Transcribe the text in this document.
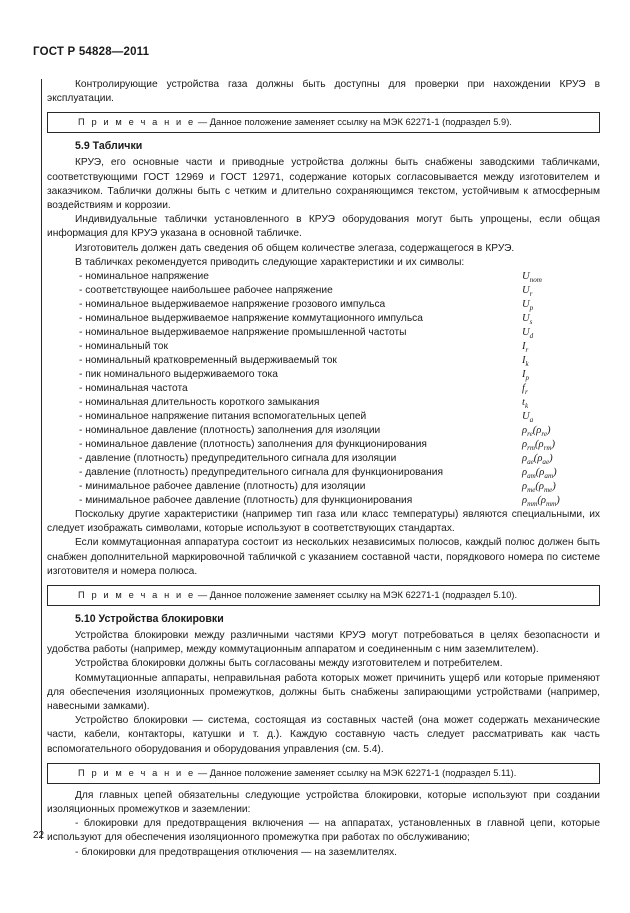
ГОСТ Р 54828—2011

Контролирующие устройства газа должны быть доступны для проверки при нахождении КРУЭ в эксплуатации.

П р и м е ч а н и е — Данное положение заменяет ссылку на МЭК 62271-1 (подраздел 5.9).

5.9 Таблички

КРУЭ, его основные части и приводные устройства должны быть снабжены заводскими табличками, соответствующими ГОСТ 12969 и ГОСТ 12971, содержание которых согласовывается между изготовителем и заказчиком. Таблички должны быть с четким и длительно сохраняющимся текстом, устойчивым к атмосферным воздействиям и коррозии.

Индивидуальные таблички установленного в КРУЭ оборудования могут быть упрощены, если общая информация для КРУЭ указана в основной табличке.

Изготовитель должен дать сведения об общем количестве элегаза, содержащегося в КРУЭ.

В табличках рекомендуется приводить следующие характеристики и их символы:

- номинальное напряжение	$U_{nom}$
- соответствующее наибольшее рабочее напряжение	$U_r$
- номинальное выдерживаемое напряжение грозового импульса	$U_p$
- номинальное выдерживаемое напряжение коммутационного импульса	$U_s$
- номинальное выдерживаемое напряжение промышленной частоты	$U_d$
- номинальный ток	$I_r$
- номинальный кратковременный выдерживаемый ток	$I_k$
- пик номинального выдерживаемого тока	$I_p$
- номинальная частота	$f_r$
- номинальная длительность короткого замыкания	$t_k$
- номинальное напряжение питания вспомогательных цепей	$U_a$
- номинальное давление (плотность) заполнения для изоляции	$\rho_{re}(\rho_{re})$
- номинальное давление (плотность) заполнения для функционирования	$\rho_{rm}(\rho_{rm})$
- давление (плотность) предупредительного сигнала для изоляции	$\rho_{ae}(\rho_{ae})$
- давление (плотность) предупредительного сигнала для функционирования	$\rho_{am}(\rho_{am})$
- минимальное рабочее давление (плотность) для изоляции	$\rho_{me}(\rho_{me})$
- минимальное рабочее давление (плотность) для функционирования	$\rho_{mm}(\rho_{mm})$

Поскольку другие характеристики (например тип газа или класс температуры) являются специальными, их следует изображать символами, которые используют в соответствующих стандартах.

Если коммутационная аппаратура состоит из нескольких независимых полюсов, каждый полюс должен быть снабжен дополнительной маркировочной табличкой с указанием составной части, порядкового номера по системе изготовителя и номера полюса.

П р и м е ч а н и е — Данное положение заменяет ссылку на МЭК 62271-1 (подраздел 5.10).

5.10 Устройства блокировки

Устройства блокировки между различными частями КРУЭ могут потребоваться в целях безопасности и удобства работы (например, между коммутационным аппаратом и соединенным с ним заземлителем).

Устройства блокировки должны быть согласованы между изготовителем и потребителем.

Коммутационные аппараты, неправильная работа которых может причинить ущерб или которые применяют для обеспечения изоляционных промежутков, должны быть снабжены запирающими устройствами (например, навесными замками).

Устройство блокировки — система, состоящая из составных частей (она может содержать механические части, кабели, контакторы, катушки и т. д.). Каждую составную часть следует рассматривать как часть вспомогательного оборудования и оборудования управления (см. 5.4).

П р и м е ч а н и е — Данное положение заменяет ссылку на МЭК 62271-1 (подраздел 5.11).

Для главных цепей обязательны следующие устройства блокировки, которые используют при создании изоляционных промежутков и заземлении:

- блокировки для предотвращения включения — на аппаратах, установленных в главной цепи, которые используют для обеспечения изоляционного промежутка при работах по обслуживанию;

- блокировки для предотвращения отключения — на заземлителях.

22
